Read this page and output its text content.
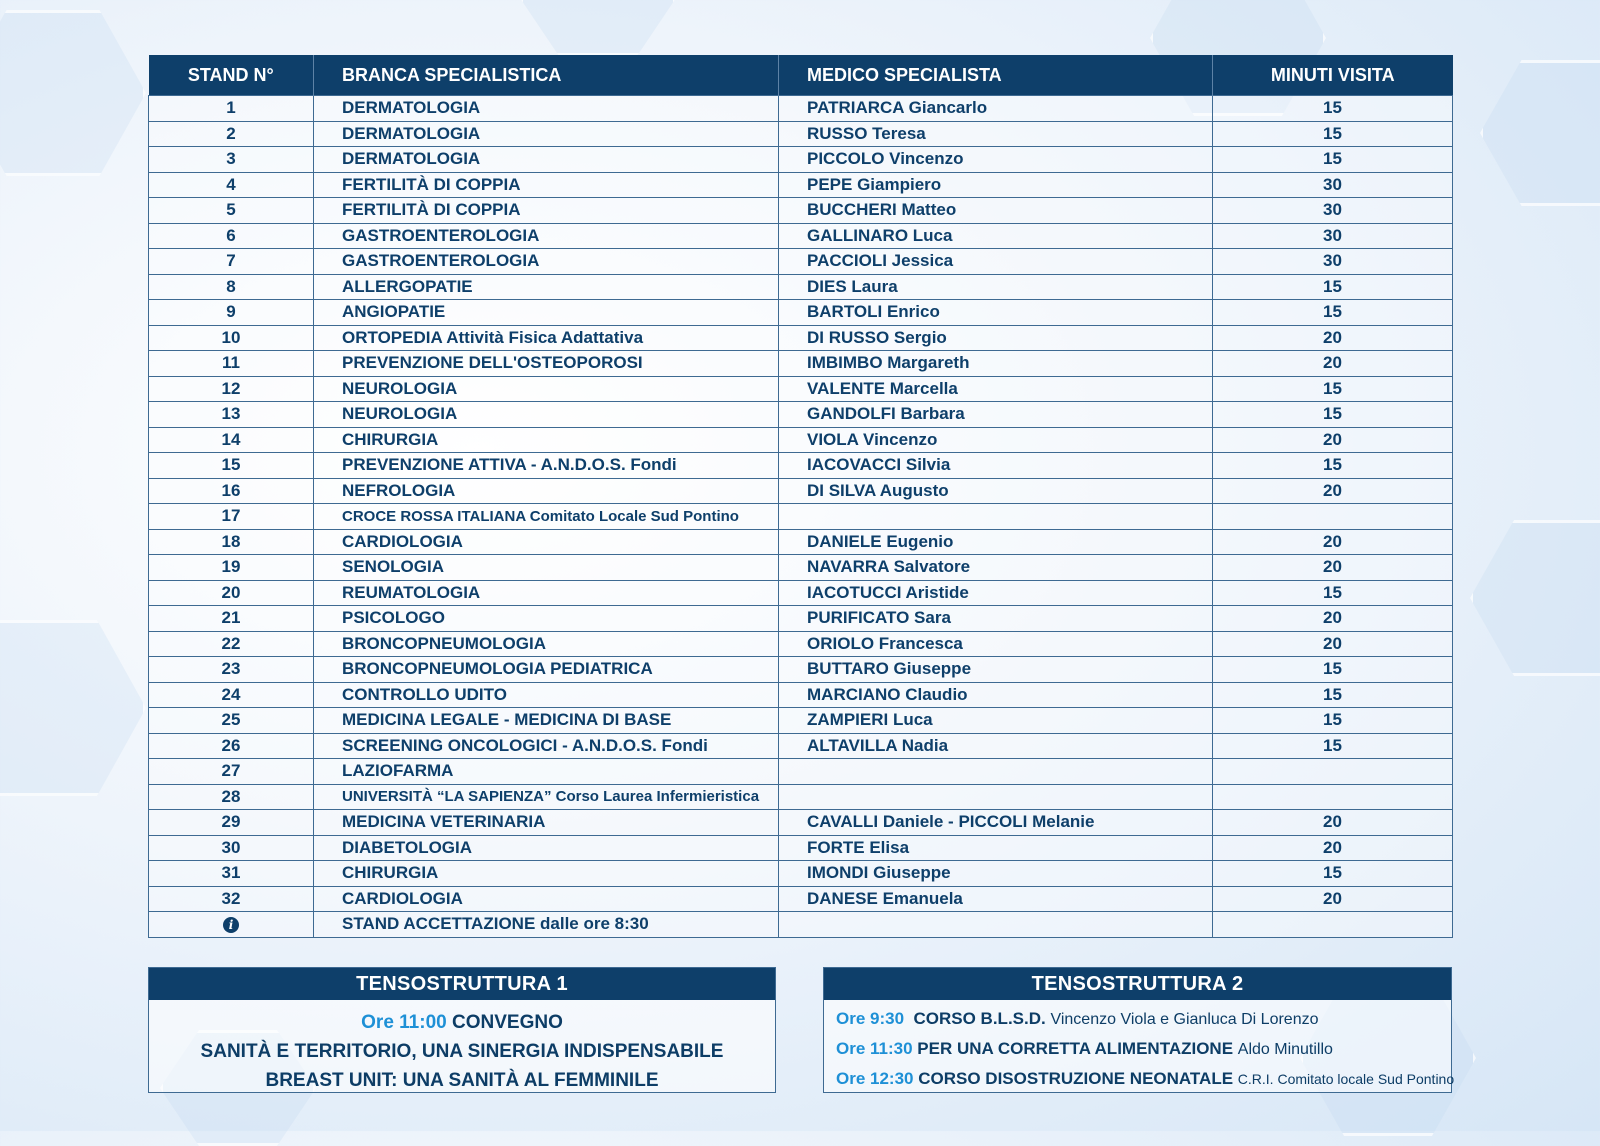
STAND N°	BRANCA SPECIALISTICA	MEDICO SPECIALISTA	MINUTI VISITA
1	DERMATOLOGIA	PATRIARCA Giancarlo	15
2	DERMATOLOGIA	RUSSO Teresa	15
3	DERMATOLOGIA	PICCOLO Vincenzo	15
4	FERTILITÀ DI COPPIA	PEPE Giampiero	30
5	FERTILITÀ DI COPPIA	BUCCHERI Matteo	30
6	GASTROENTEROLOGIA	GALLINARO Luca	30
7	GASTROENTEROLOGIA	PACCIOLI Jessica	30
8	ALLERGOPATIE	DIES Laura	15
9	ANGIOPATIE	BARTOLI Enrico	15
10	ORTOPEDIA Attività Fisica Adattativa	DI RUSSO Sergio	20
11	PREVENZIONE DELL'OSTEOPOROSI	IMBIMBO Margareth	20
12	NEUROLOGIA	VALENTE Marcella	15
13	NEUROLOGIA	GANDOLFI Barbara	15
14	CHIRURGIA	VIOLA Vincenzo	20
15	PREVENZIONE ATTIVA - A.N.D.O.S. Fondi	IACOVACCI Silvia	15
16	NEFROLOGIA	DI SILVA Augusto	20
17	CROCE ROSSA ITALIANA Comitato Locale Sud Pontino		
18	CARDIOLOGIA	DANIELE Eugenio	20
19	SENOLOGIA	NAVARRA Salvatore	20
20	REUMATOLOGIA	IACOTUCCI Aristide	15
21	PSICOLOGO	PURIFICATO Sara	20
22	BRONCOPNEUMOLOGIA	ORIOLO Francesca	20
23	BRONCOPNEUMOLOGIA PEDIATRICA	BUTTARO Giuseppe	15
24	CONTROLLO UDITO	MARCIANO Claudio	15
25	MEDICINA LEGALE - MEDICINA DI BASE	ZAMPIERI Luca	15
26	SCREENING ONCOLOGICI - A.N.D.O.S. Fondi	ALTAVILLA Nadia	15
27	LAZIOFARMA		
28	UNIVERSITÀ “LA SAPIENZA” Corso Laurea Infermieristica		
29	MEDICINA VETERINARIA	CAVALLI Daniele - PICCOLI Melanie	20
30	DIABETOLOGIA	FORTE Elisa	20
31	CHIRURGIA	IMONDI Giuseppe	15
32	CARDIOLOGIA	DANESE Emanuela	20
i	STAND ACCETTAZIONE dalle ore 8:30		
TENSOSTRUTTURA 1
Ore 11:00 CONVEGNO
SANITÀ E TERRITORIO, UNA SINERGIA INDISPENSABILE
BREAST UNIT: UNA SANITÀ AL FEMMINILE
TENSOSTRUTTURA 2
Ore 9:30 CORSO B.L.S.D. Vincenzo Viola e Gianluca Di Lorenzo
Ore 11:30 PER UNA CORRETTA ALIMENTAZIONE Aldo Minutillo
Ore 12:30 CORSO DISOSTRUZIONE NEONATALE C.R.I. Comitato locale Sud Pontino
